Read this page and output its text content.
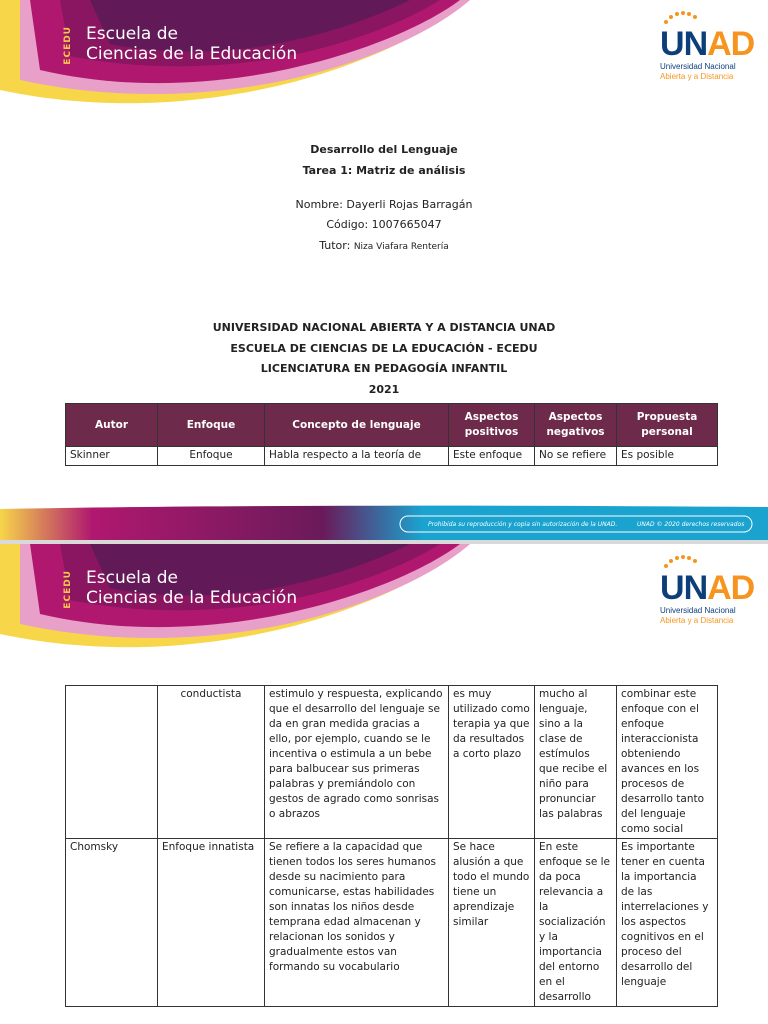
ECEDU Escuela de
Ciencias de la Educación	UNAD
Universidad Nacional
Abierta y a Distancia
Desarrollo del Lenguaje
Tarea 1: Matriz de análisis
Nombre: Dayerli Rojas Barragán
Código: 1007665047
Tutor: Niza Viafara Rentería
UNIVERSIDAD NACIONAL ABIERTA Y A DISTANCIA UNAD
ESCUELA DE CIENCIAS DE LA EDUCACIÓN - ECEDU
LICENCIATURA EN PEDAGOGÍA INFANTIL
2021
Autor	Enfoque	Concepto de lenguaje	Aspectos positivos	Aspectos negativos	Propuesta personal
Skinner	Enfoque	Habla respecto a la teoría de	Este enfoque	No se refiere	Es posible
Prohibida su reproducción y copia sin autorización de la UNAD.	UNAD © 2020 derechos reservados
ECEDU Escuela de
Ciencias de la Educación	UNAD
Universidad Nacional
Abierta y a Distancia
	conductista	estimulo y respuesta, explicando que el desarrollo del lenguaje se da en gran medida gracias a ello, por ejemplo, cuando se le incentiva o estimula a un bebe para balbucear sus primeras palabras y premiándolo con gestos de agrado como sonrisas o abrazos	es muy utilizado como terapia ya que da resultados a corto plazo	mucho al lenguaje, sino a la clase de estímulos que recibe el niño para pronunciar las palabras	combinar este enfoque con el enfoque interaccionista obteniendo avances en los procesos de desarrollo tanto del lenguaje como social
Chomsky	Enfoque innatista	Se refiere a la capacidad que tienen todos los seres humanos desde su nacimiento para comunicarse, estas habilidades son innatas los niños desde temprana edad almacenan y relacionan los sonidos y gradualmente estos van formando su vocabulario	Se hace alusión a que todo el mundo tiene un aprendizaje similar	En este enfoque se le da poca relevancia a la socialización y la importancia del entorno en el desarrollo	Es importante tener en cuenta la importancia de las interrelaciones y los aspectos cognitivos en el proceso del desarrollo del lenguaje
